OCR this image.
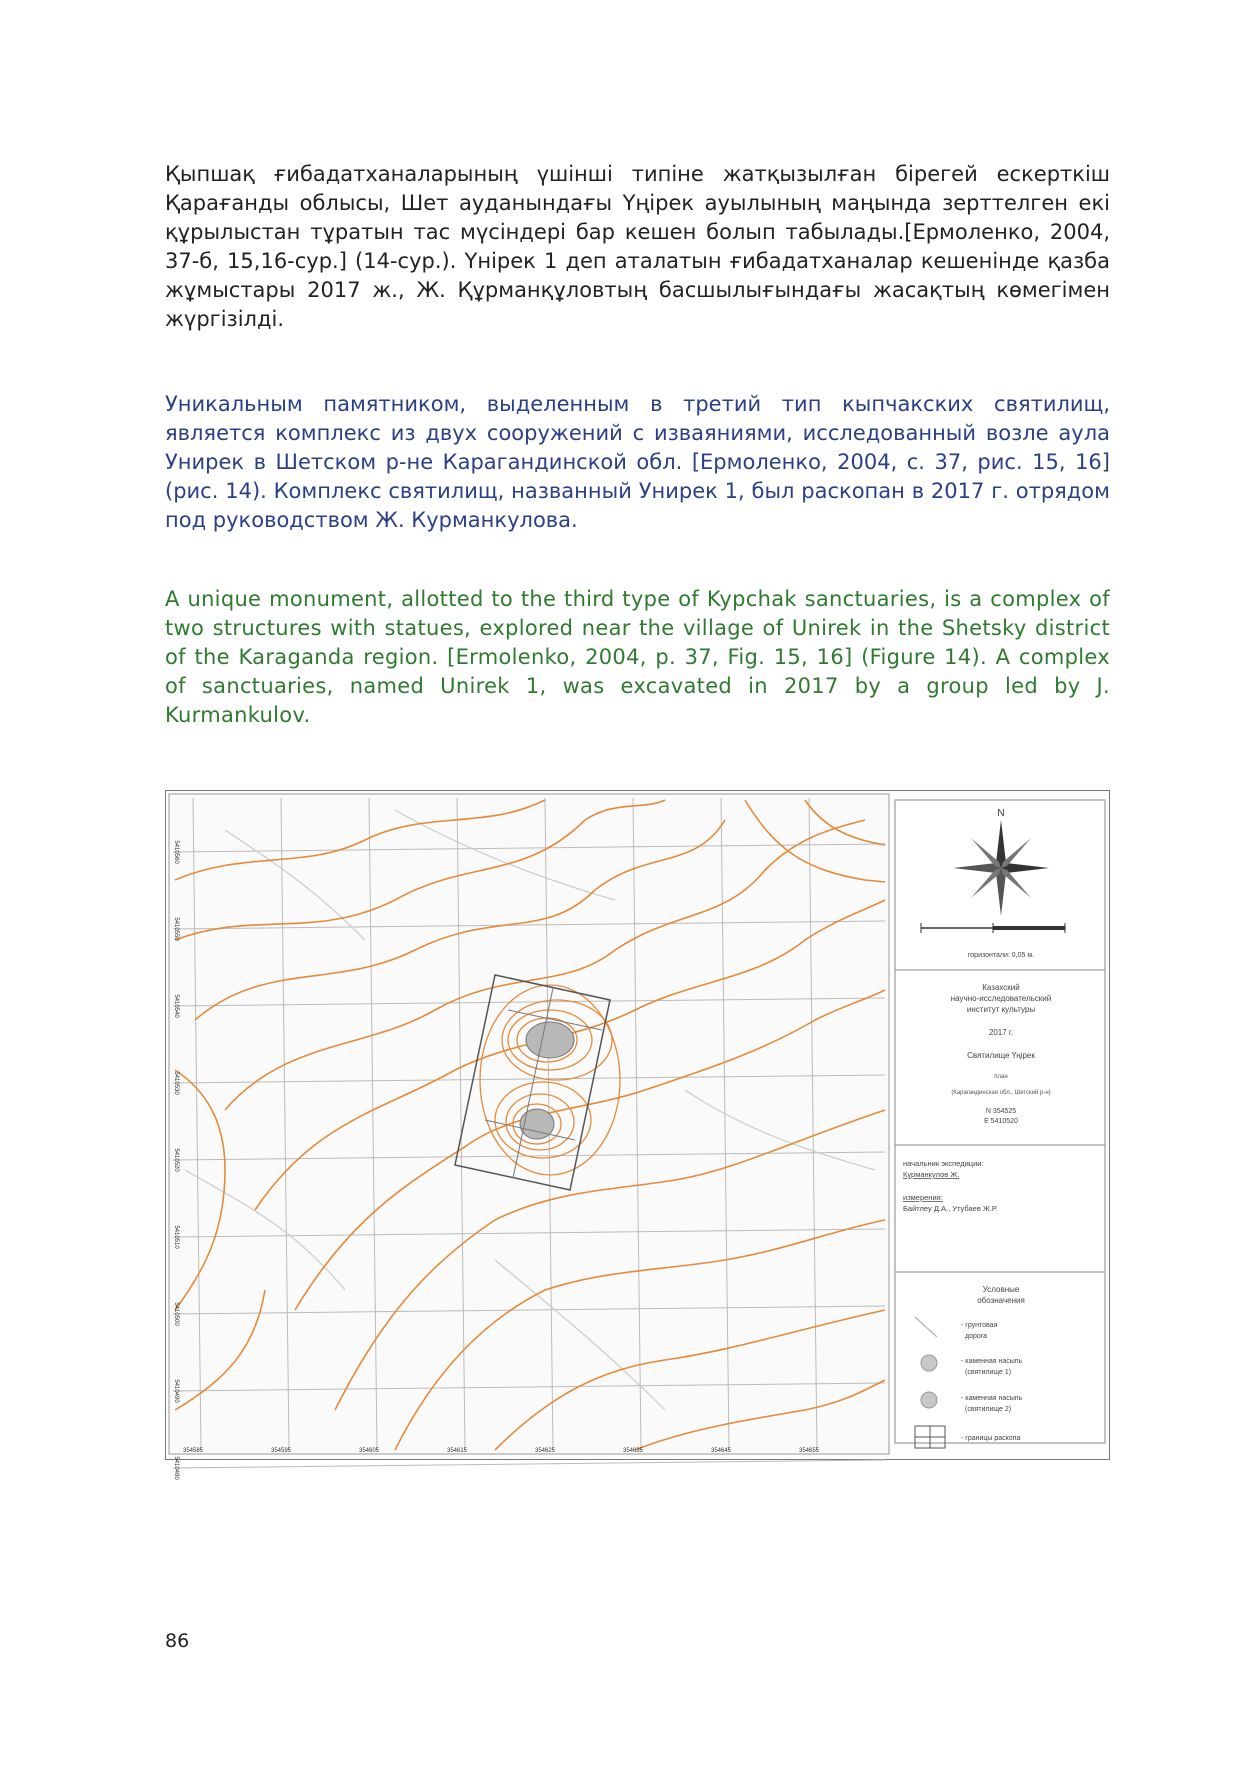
Қыпшақ ғибадатханаларының үшінші типіне жатқызылған бірегей ескерткіш Қарағанды облысы, Шет ауданындағы Үңірек ауылының маңында зерттелген екі құрылыстан тұратын тас мүсіндері бар кешен болып табылады.[Ермоленко, 2004, 37-б, 15,16-сур.] (14-сур.). Үнірек 1 деп аталатын ғибадатханалар кешенінде қазба жұмыстары 2017 ж., Ж. Құрманқұловтың басшылығындағы жасақтың көмегімен жүргізілді.

Уникальным памятником, выделенным в третий тип кыпчакских святилищ, является комплекс из двух сооружений с изваяниями, исследованный возле аула Унирек в Шетском р-не Карагандинской обл. [Ермоленко, 2004, с. 37, рис. 15, 16] (рис. 14). Комплекс святилищ, названный Унирек 1, был раскопан в 2017 г. отрядом под руководством Ж. Курманкулова.

A unique monument, allotted to the third type of Kypchak sanctuaries, is a complex of two structures with statues, explored near the village of Unirek in the Shetsky district of the Karaganda region. [Ermolenko, 2004, p. 37, Fig. 15, 16] (Figure 14). A complex of sanctuaries, named Unirek 1, was excavated in 2017 by a group led by J. Kurmankulov.

5410560
5410550
5410540
5410530
5410520
5410510
5410500
5410490
5410480
354585	354595	354605	354615	354625	354635	354645	354655
N
горизонтали: 0,05 м.
Казахский
научно-исследовательский
институт культуры
2017 г.
Святилище Үңірек
план
(Карагандинская обл., Шетский р-н)
N 354525
E 5410520
начальник экспедиции:
Курманкулов Ж.
измерения:
Байтлеу Д.А., Утубаев Ж.Р.
Условные
обозначения
- грунтовая
дорога
- каменная насыпь
(святилище 1)
- каменная насыпь
(святилище 2)
- границы раскопа
86
